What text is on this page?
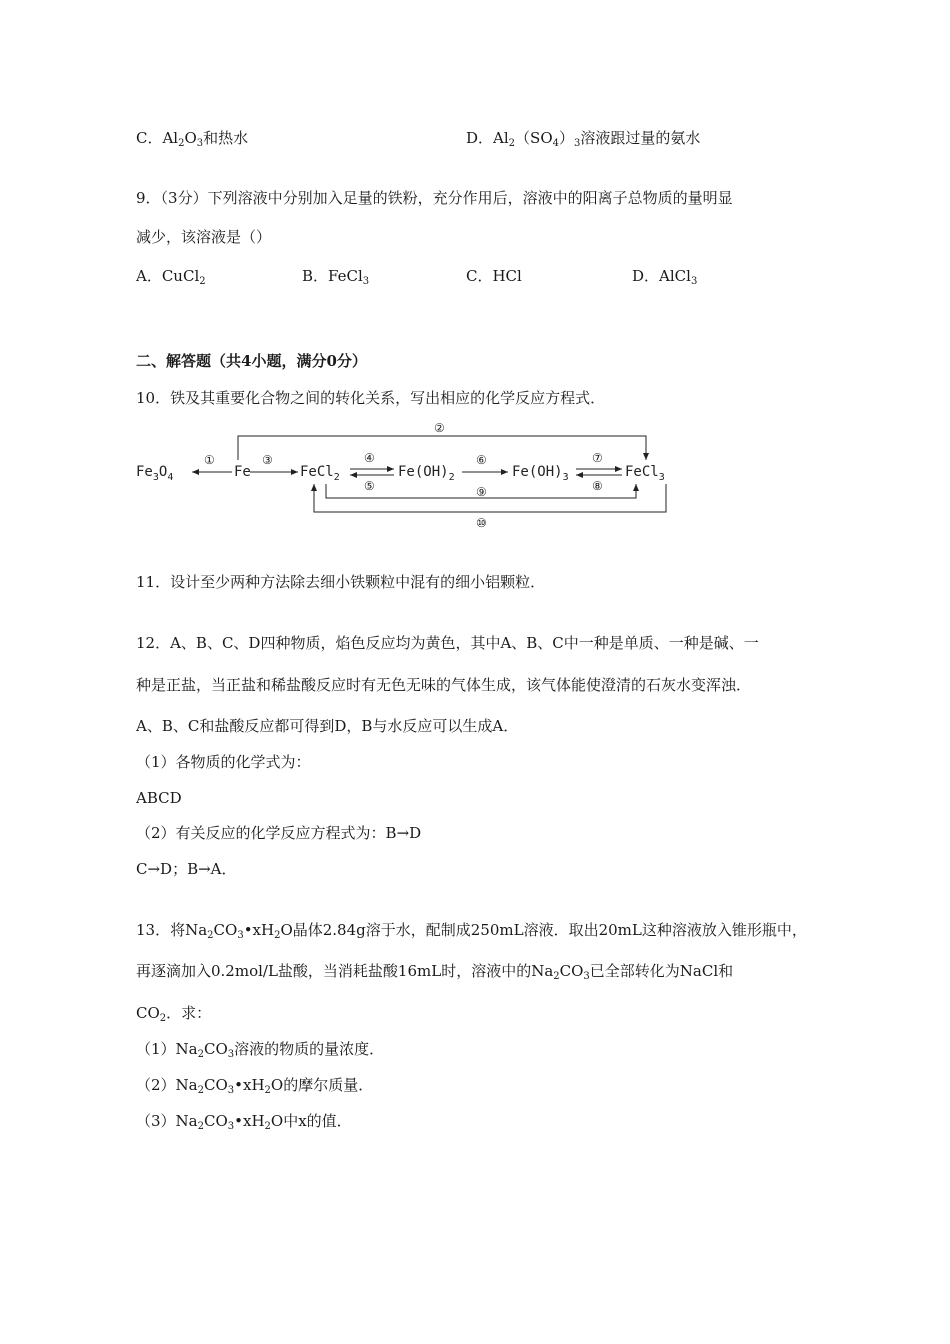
C．$Al_2O_3$和热水	D．$Al_2(SO_4)_3$溶液跟过量的氨水
9．（3分）下列溶液中分别加入足量的铁粉，充分作用后，溶液中的阳离子总物质的量明显
减少，该溶液是（）
A．CuCl$_2$	B．FeCl$_3$	C．HCl	D．AlCl$_3$
二、解答题（共4小题，满分0分）
10．铁及其重要化合物之间的转化关系，写出相应的化学反应方程式．
$Fe_3O_4$	Fe	FeCl$_2$	$Fe(OH)_2$	$Fe(OH)_3$	FeCl$_3$
①	③	④
⑤
⑥	⑦
⑧
②
⑨
⑩
11．设计至少两种方法除去细小铁颗粒中混有的细小铝颗粒．
12．A、B、C、D四种物质，焰色反应均为黄色，其中A、B、C中一种是单质、一种是碱、一
种是正盐，当正盐和稀盐酸反应时有无色无味的气体生成，该气体能使澄清的石灰水变浑浊．
A、B、C和盐酸反应都可得到D，B与水反应可以生成A．
（1）各物质的化学式为：
ABCD
（2）有关反应的化学反应方程式为：B→D
C→D；B→A．
13．将$Na_2CO_3•xH_2O$晶体2.84g溶于水，配制成250mL溶液．取出20mL这种溶液放入锥形瓶中，
再逐滴加入0.2mol/L盐酸，当消耗盐酸16mL时，溶液中的$Na_2CO_3$已全部转化为NaCl和
$CO_2$．求：
$(1)Na_2CO_3$溶液的物质的量浓度．
$(2)Na_2CO_3•xH_2O$的摩尔质量．
$(3)Na_2CO_3•xH_2O$中x的值．
